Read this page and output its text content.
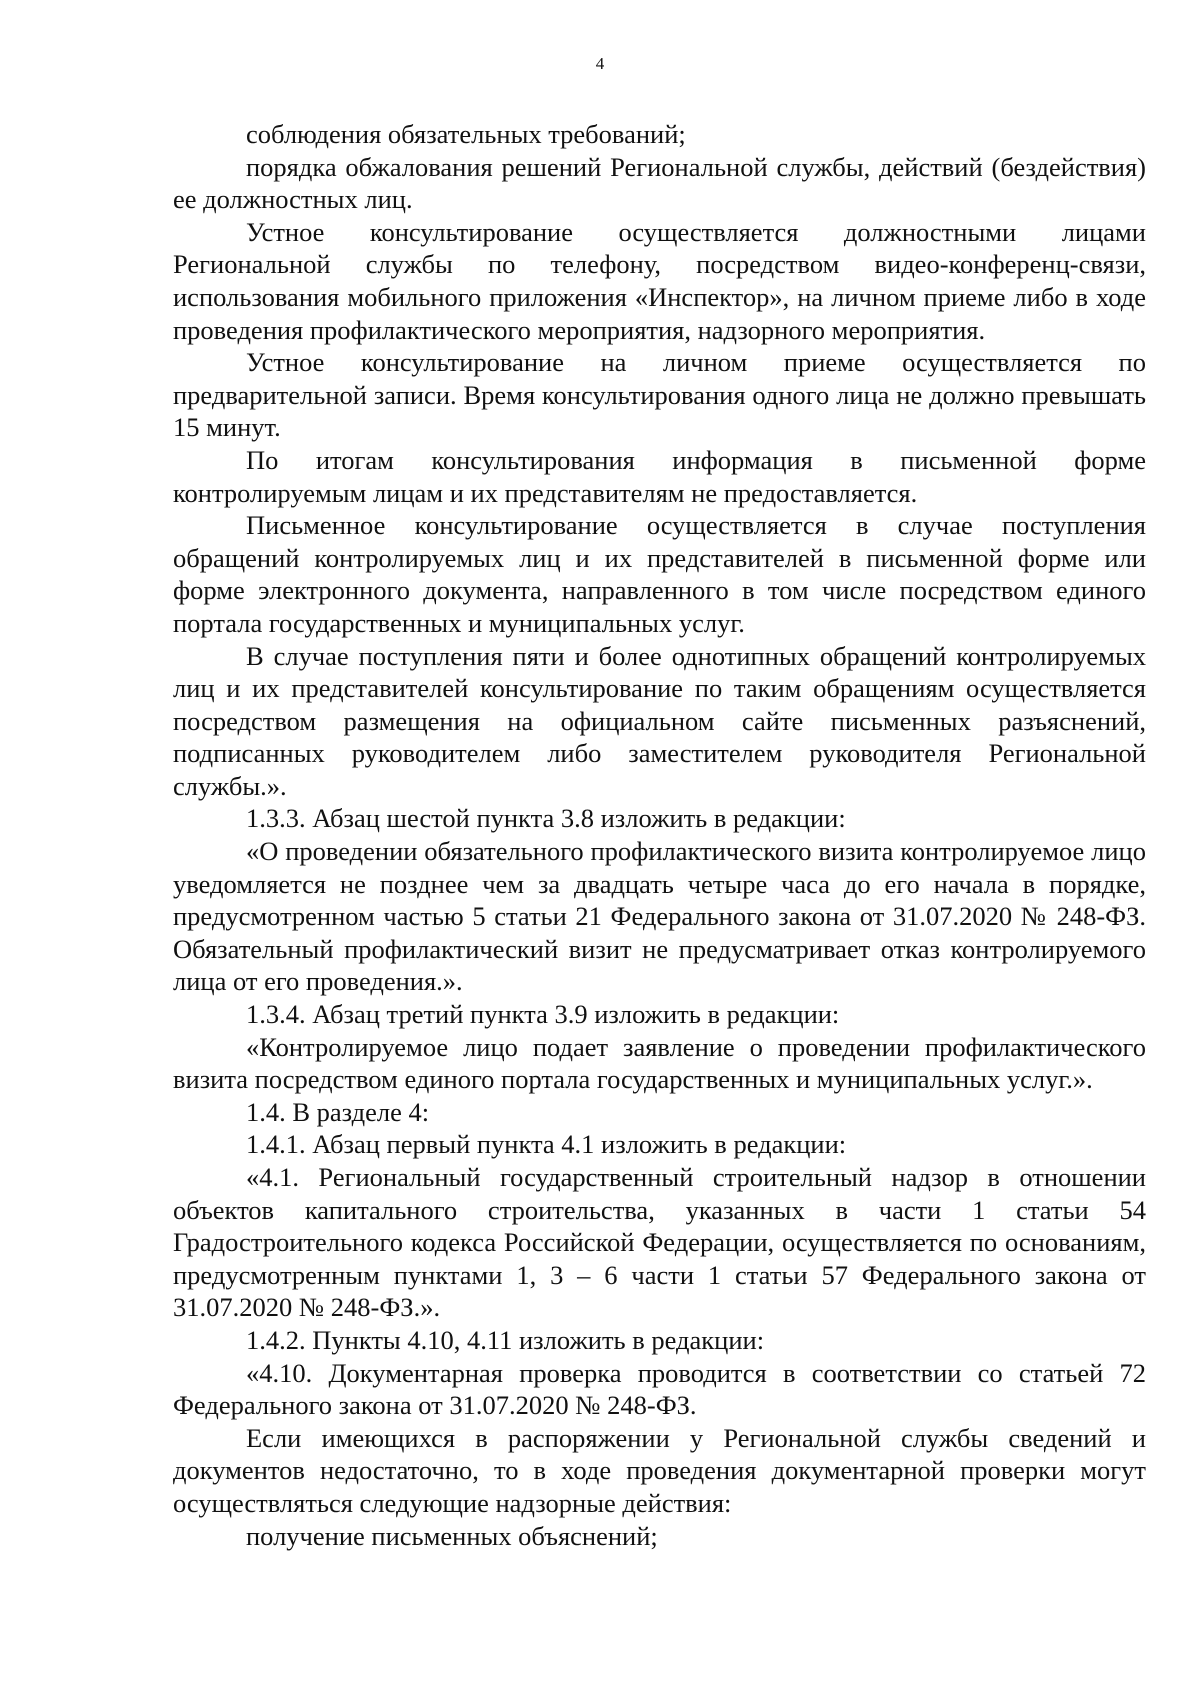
4

соблюдения обязательных требований;

порядка обжалования решений Региональной службы, действий (бездействия) ее должностных лиц.

Устное консультирование осуществляется должностными лицами Региональной службы по телефону, посредством видео-конференц-связи, использования мобильного приложения «Инспектор», на личном приеме либо в ходе проведения профилактического мероприятия, надзорного мероприятия.

Устное консультирование на личном приеме осуществляется по предварительной записи. Время консультирования одного лица не должно превышать 15 минут.

По итогам консультирования информация в письменной форме контролируемым лицам и их представителям не предоставляется.

Письменное консультирование осуществляется в случае поступления обращений контролируемых лиц и их представителей в письменной форме или форме электронного документа, направленного в том числе посредством единого портала государственных и муниципальных услуг.

В случае поступления пяти и более однотипных обращений контролируемых лиц и их представителей консультирование по таким обращениям осуществляется посредством размещения на официальном сайте письменных разъяснений, подписанных руководителем либо заместителем руководителя Региональной службы.».

1.3.3. Абзац шестой пункта 3.8 изложить в редакции:

«О проведении обязательного профилактического визита контролируемое лицо уведомляется не позднее чем за двадцать четыре часа до его начала в порядке, предусмотренном частью 5 статьи 21 Федерального закона от 31.07.2020 № 248-ФЗ. Обязательный профилактический визит не предусматривает отказ контролируемого лица от его проведения.».

1.3.4. Абзац третий пункта 3.9 изложить в редакции:

«Контролируемое лицо подает заявление о проведении профилактического визита посредством единого портала государственных и муниципальных услуг.».

1.4. В разделе 4:

1.4.1. Абзац первый пункта 4.1 изложить в редакции:

«4.1. Региональный государственный строительный надзор в отношении объектов капитального строительства, указанных в части 1 статьи 54 Градостроительного кодекса Российской Федерации, осуществляется по основаниям, предусмотренным пунктами 1, 3 – 6 части 1 статьи 57 Федерального закона от 31.07.2020 № 248-ФЗ.».

1.4.2. Пункты 4.10, 4.11 изложить в редакции:

«4.10. Документарная проверка проводится в соответствии со статьей 72 Федерального закона от 31.07.2020 № 248-ФЗ.

Если имеющихся в распоряжении у Региональной службы сведений и документов недостаточно, то в ходе проведения документарной проверки могут осуществляться следующие надзорные действия:

получение письменных объяснений;
